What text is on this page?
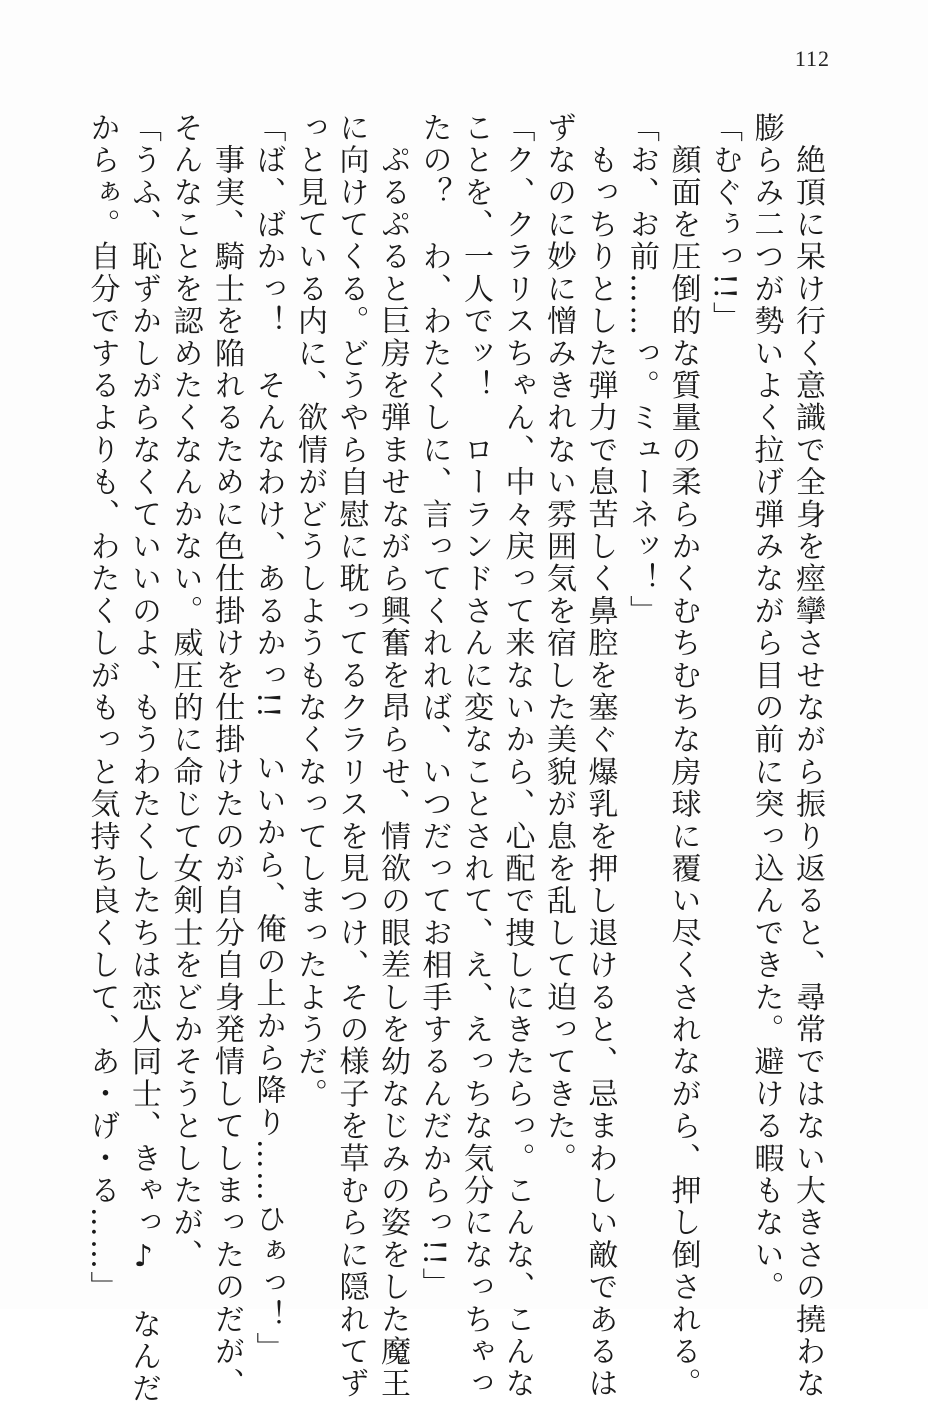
112
　絶頂に呆け行く意識で全身を痙攣させながら振り返ると、尋常ではない大きさの撓わな
膨らみ二つが勢いよく拉げ弾みながら目の前に突っ込んできた。避ける暇もない。
「むぐぅっ!!」
　顔面を圧倒的な質量の柔らかくむちむちな房球に覆い尽くされながら、押し倒される。
「お、お前……っ。ミューネッ！」
　もっちりとした弾力で息苦しく鼻腔を塞ぐ爆乳を押し退けると、忌まわしい敵であるは
ずなのに妙に憎みきれない雰囲気を宿した美貌が息を乱して迫ってきた。
「ク、クラリスちゃん、中々戻って来ないから、心配で捜しにきたらっ。こんな、こんな
ことを、一人でッ！　ローランドさんに変なことされて、え、えっちな気分になっちゃっ
たの？　わ、わたくしに、言ってくれれば、いつだってお相手するんだからっ!!」
　ぷるぷると巨房を弾ませながら興奮を昂らせ、情欲の眼差しを幼なじみの姿をした魔王
に向けてくる。どうやら自慰に耽ってるクラリスを見つけ、その様子を草むらに隠れてず
っと見ている内に、欲情がどうしようもなくなってしまったようだ。
「ば、ばかっ！　そんなわけ、あるかっ!!　いいから、俺の上から降り……ひぁっ！」
　事実、騎士を陥れるために色仕掛けを仕掛けたのが自分自身発情してしまったのだが、
そんなことを認めたくなんかない。威圧的に命じて女剣士をどかそうとしたが、
「うふ、恥ずかしがらなくていいのよ、もうわたくしたちは恋人同士、きゃっ♪　なんだ
からぁ。自分でするよりも、わたくしがもっと気持ち良くして、あ・げ・る……」
